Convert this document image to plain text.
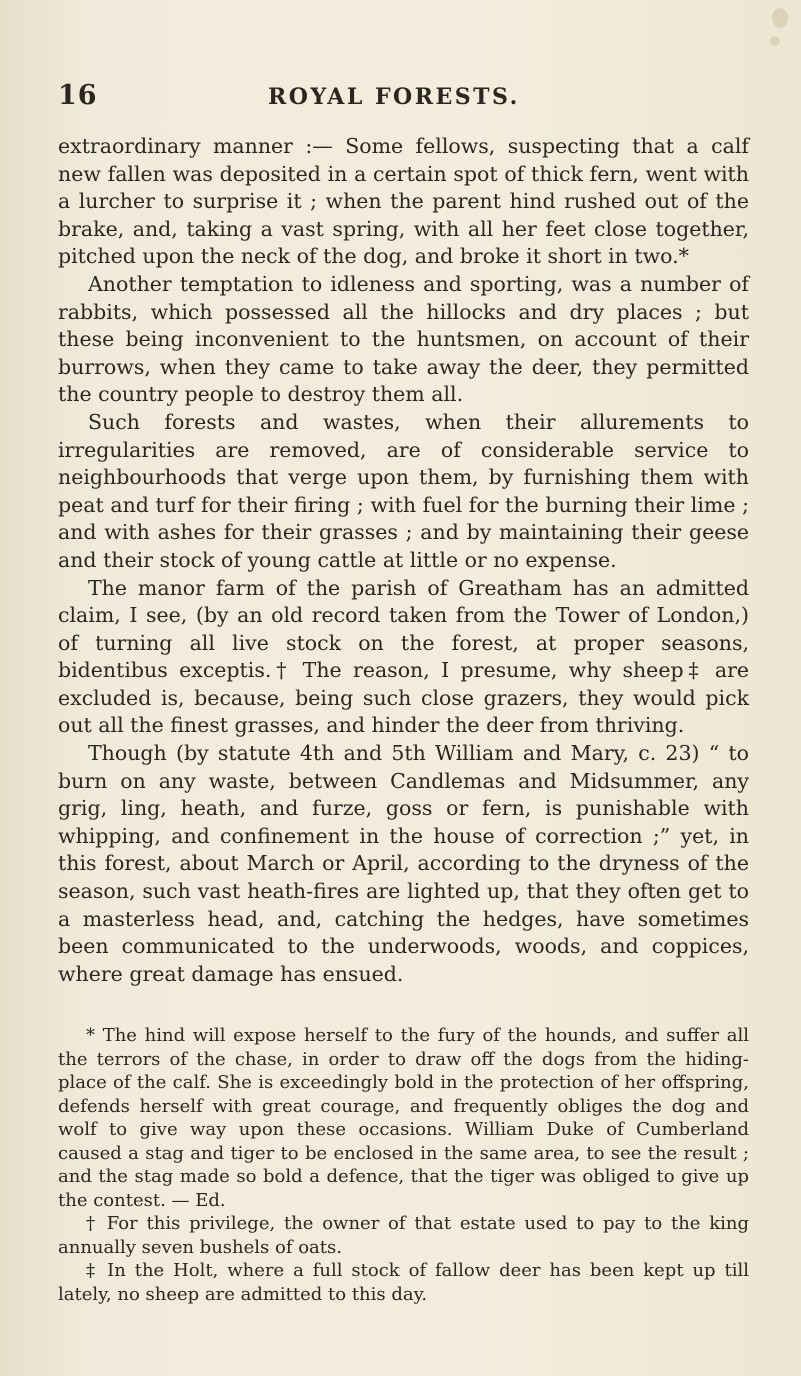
16	ROYAL FORESTS.

extraordinary manner :— Some fellows, suspecting that a calf new fallen was deposited in a certain spot of thick fern, went with a lurcher to surprise it ; when the parent hind rushed out of the brake, and, taking a vast spring, with all her feet close together, pitched upon the neck of the dog, and broke it short in two.*

Another temptation to idleness and sporting, was a number of rabbits, which possessed all the hillocks and dry places ; but these being inconvenient to the huntsmen, on account of their burrows, when they came to take away the deer, they permitted the country people to destroy them all.

Such forests and wastes, when their allurements to irregularities are removed, are of considerable service to neighbourhoods that verge upon them, by furnishing them with peat and turf for their firing ; with fuel for the burning their lime ; and with ashes for their grasses ; and by maintaining their geese and their stock of young cattle at little or no expense.

The manor farm of the parish of Greatham has an admitted claim, I see, (by an old record taken from the Tower of London,) of turning all live stock on the forest, at proper seasons, bidentibus exceptis.† The reason, I presume, why sheep‡ are excluded is, because, being such close grazers, they would pick out all the finest grasses, and hinder the deer from thriving.

Though (by statute 4th and 5th William and Mary, c. 23) “ to burn on any waste, between Candlemas and Midsummer, any grig, ling, heath, and furze, goss or fern, is punishable with whipping, and confinement in the house of correction ;” yet, in this forest, about March or April, according to the dryness of the season, such vast heath-fires are lighted up, that they often get to a masterless head, and, catching the hedges, have sometimes been communicated to the underwoods, woods, and coppices, where great damage has ensued.

* The hind will expose herself to the fury of the hounds, and suffer all the terrors of the chase, in order to draw off the dogs from the hiding-place of the calf. She is exceedingly bold in the protection of her offspring, defends herself with great courage, and frequently obliges the dog and wolf to give way upon these occasions. William Duke of Cumberland caused a stag and tiger to be enclosed in the same area, to see the result ; and the stag made so bold a defence, that the tiger was obliged to give up the contest. — Ed.

† For this privilege, the owner of that estate used to pay to the king annually seven bushels of oats.

‡ In the Holt, where a full stock of fallow deer has been kept up till lately, no sheep are admitted to this day.
